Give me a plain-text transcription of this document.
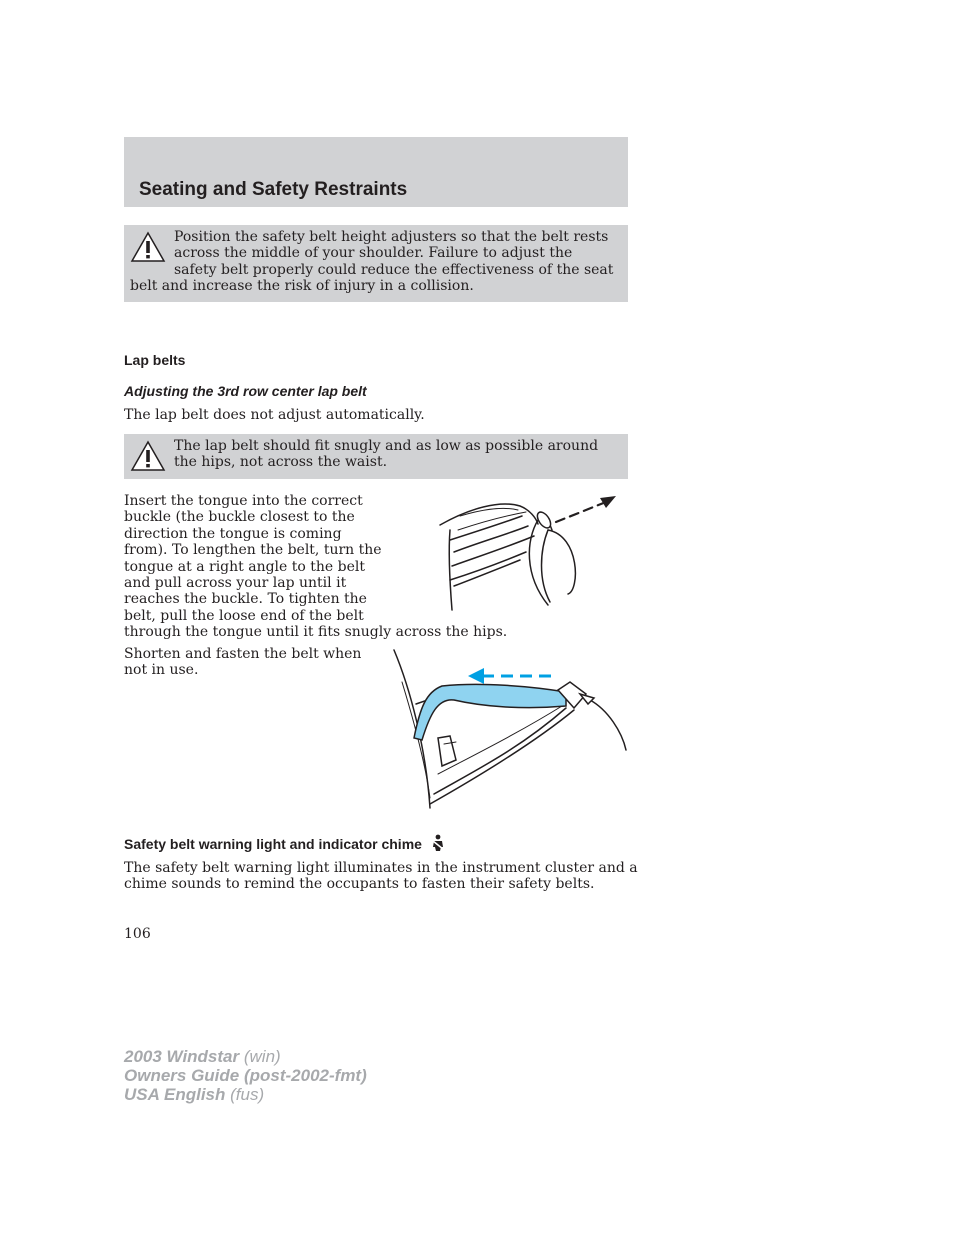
Seating and Safety Restraints
Position the safety belt height adjusters so that the belt rests across the middle of your shoulder. Failure to adjust the safety belt properly could reduce the effectiveness of the seat belt and increase the risk of injury in a collision.
Lap belts
Adjusting the 3rd row center lap belt
The lap belt does not adjust automatically.
The lap belt should fit snugly and as low as possible around the hips, not across the waist.
Insert the tongue into the correct
buckle (the buckle closest to the
direction the tongue is coming
from). To lengthen the belt, turn the
tongue at a right angle to the belt
and pull across your lap until it
reaches the buckle. To tighten the
belt, pull the loose end of the belt
through the tongue until it fits snugly across the hips.
Shorten and fasten the belt when
not in use.
Safety belt warning light and indicator chime
The safety belt warning light illuminates in the instrument cluster and a
chime sounds to remind the occupants to fasten their safety belts.
106
2003 Windstar (win)
Owners Guide (post-2002-fmt)
USA English (fus)
